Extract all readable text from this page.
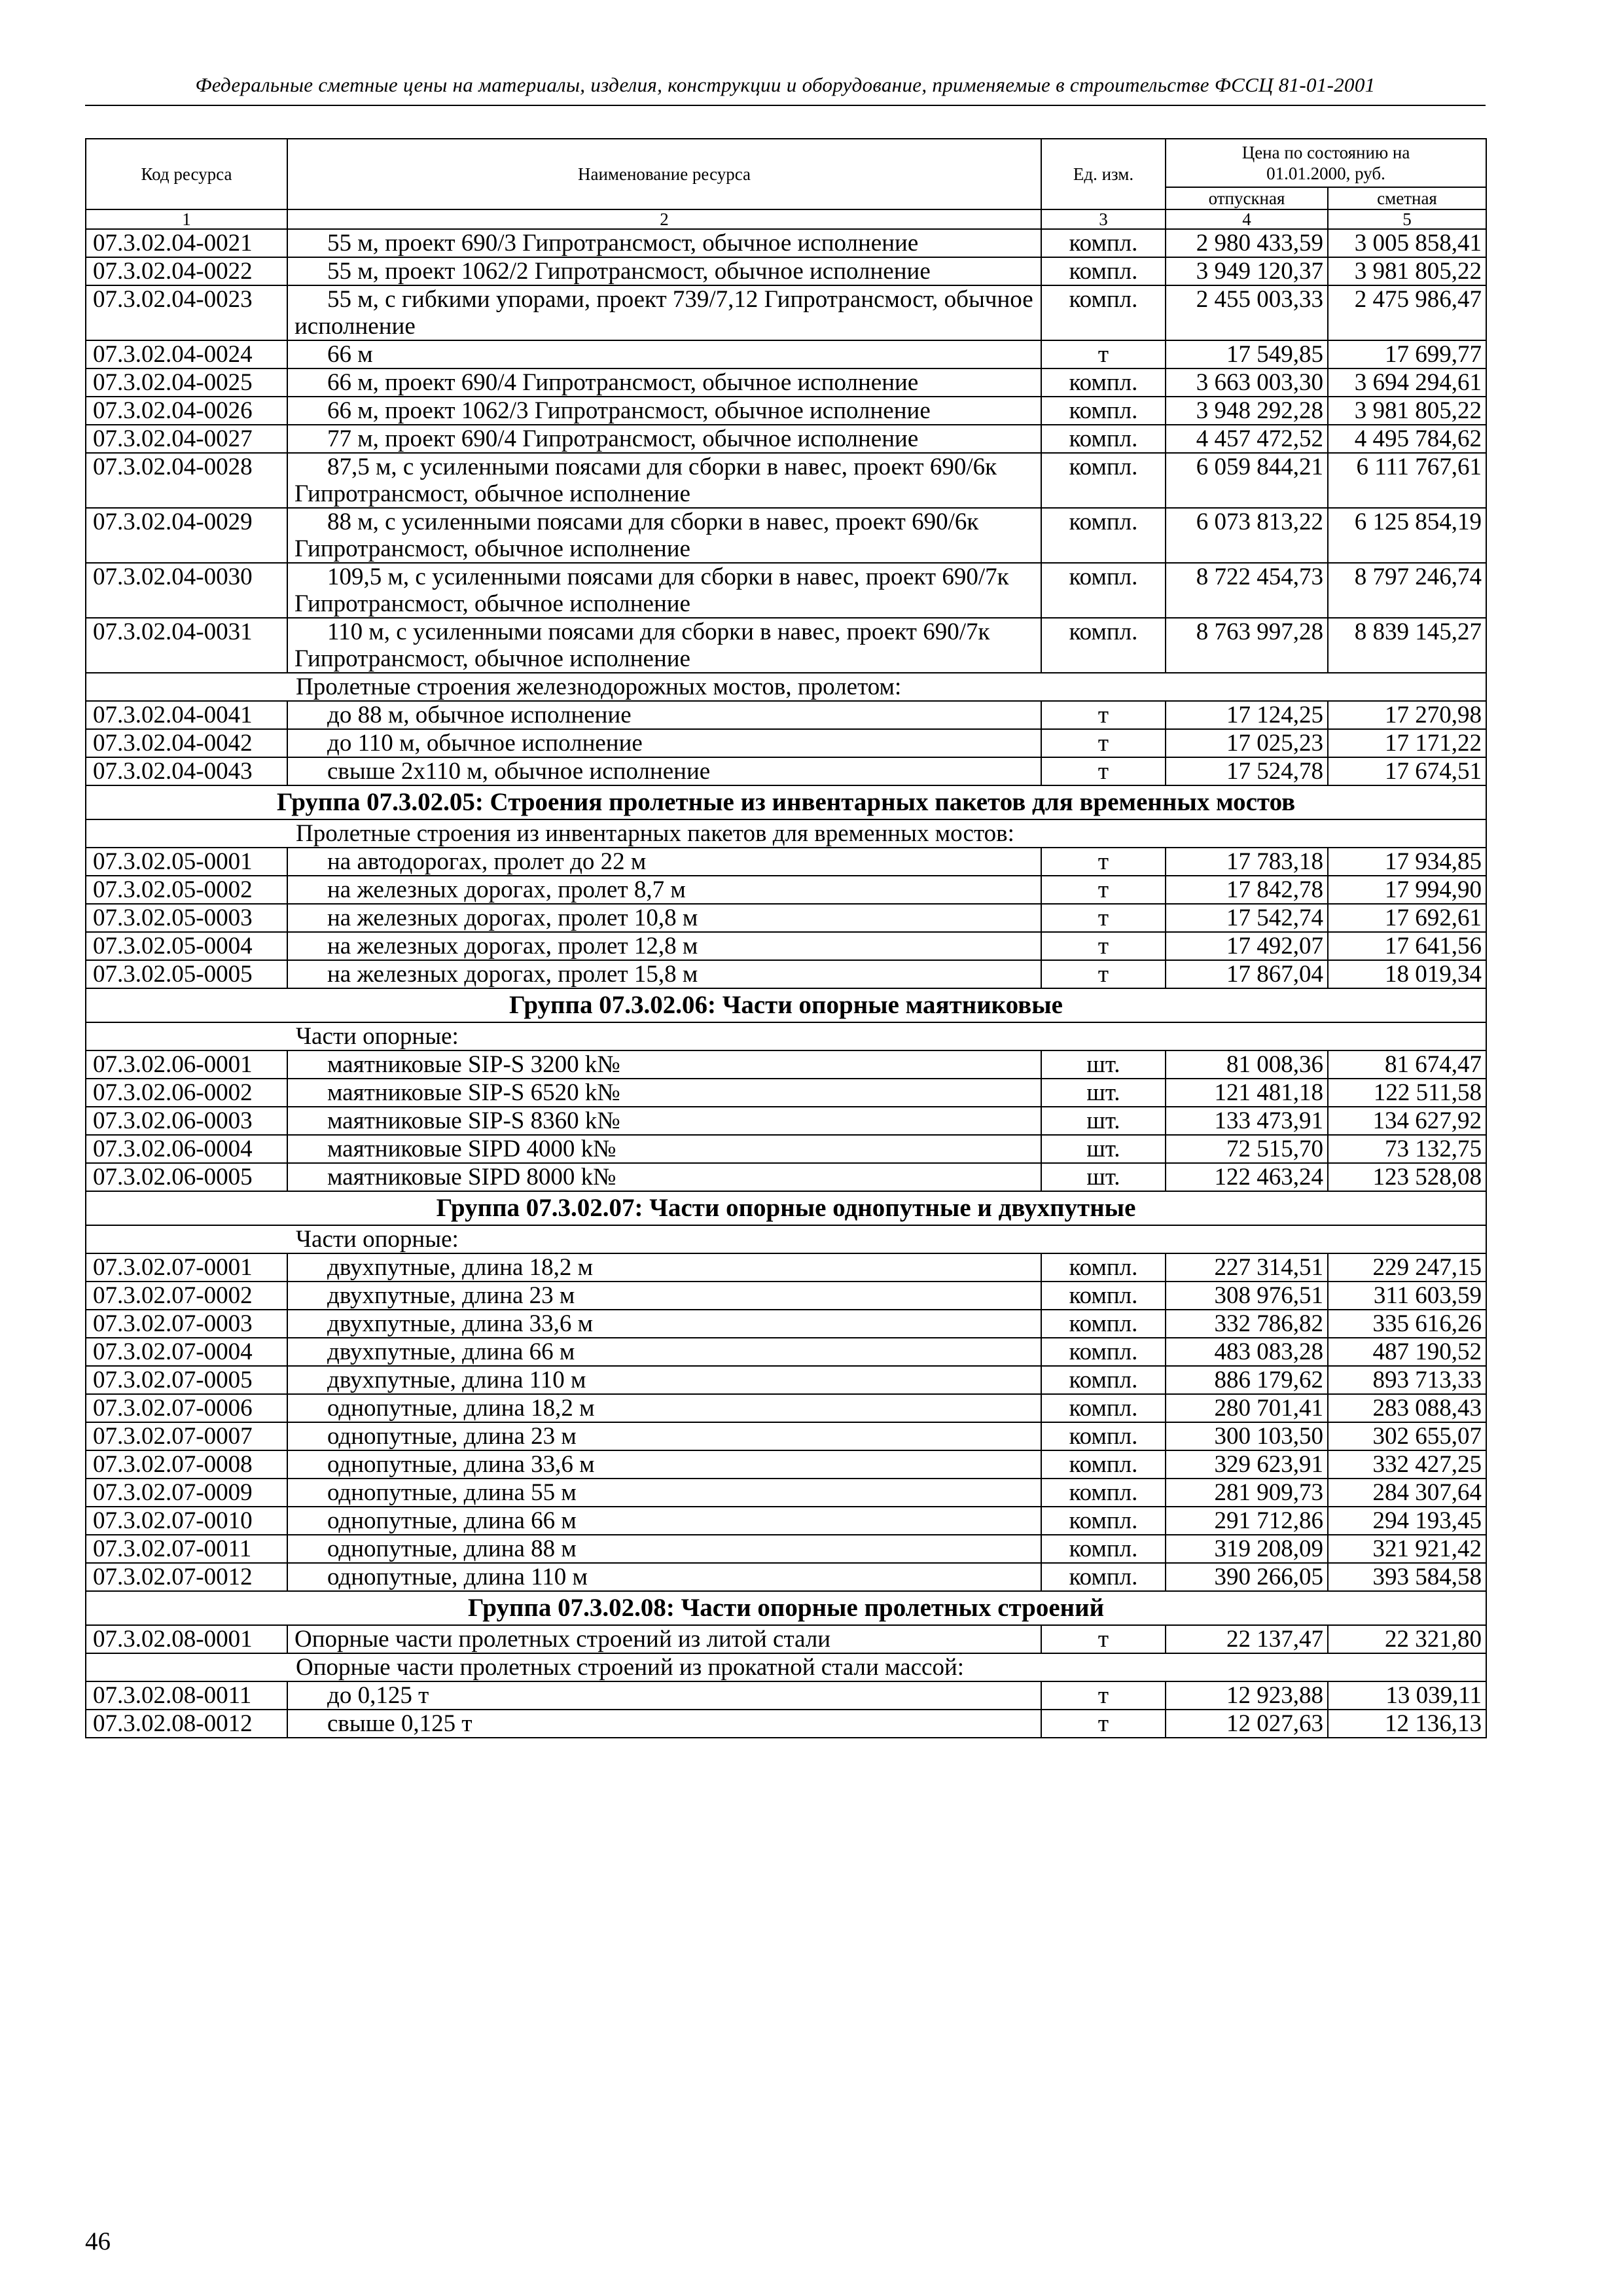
Федеральные сметные цены на материалы, изделия, конструкции и оборудование, применяемые в строительстве ФССЦ 81-01-2001
Код ресурса	Наименование ресурса	Ед. изм.	Цена по состоянию на 01.01.2000, руб.	
			отпускная	сметная
1	2	3	4	5
07.3.02.04-0021	55 м, проект 690/3 Гипротрансмост, обычное исполнение	компл.	2 980 433,59	3 005 858,41
07.3.02.04-0022	55 м, проект 1062/2 Гипротрансмост, обычное исполнение	компл.	3 949 120,37	3 981 805,22
07.3.02.04-0023	55 м, с гибкими упорами, проект 739/7,12 Гипротрансмост, обычное исполнение	компл.	2 455 003,33	2 475 986,47
07.3.02.04-0024	66 м	т	17 549,85	17 699,77
07.3.02.04-0025	66 м, проект 690/4 Гипротрансмост, обычное исполнение	компл.	3 663 003,30	3 694 294,61
07.3.02.04-0026	66 м, проект 1062/3 Гипротрансмост, обычное исполнение	компл.	3 948 292,28	3 981 805,22
07.3.02.04-0027	77 м, проект 690/4 Гипротрансмост, обычное исполнение	компл.	4 457 472,52	4 495 784,62
07.3.02.04-0028	87,5 м, с усиленными поясами для сборки в навес, проект 690/6к Гипротрансмост, обычное исполнение	компл.	6 059 844,21	6 111 767,61
07.3.02.04-0029	88 м, с усиленными поясами для сборки в навес, проект 690/6к Гипротрансмост, обычное исполнение	компл.	6 073 813,22	6 125 854,19
07.3.02.04-0030	109,5 м, с усиленными поясами для сборки в навес, проект 690/7к Гипротрансмост, обычное исполнение	компл.	8 722 454,73	8 797 246,74
07.3.02.04-0031	110 м, с усиленными поясами для сборки в навес, проект 690/7к Гипротрансмост, обычное исполнение	компл.	8 763 997,28	8 839 145,27
Пролетные строения железнодорожных мостов, пролетом:				
07.3.02.04-0041	до 88 м, обычное исполнение	т	17 124,25	17 270,98
07.3.02.04-0042	до 110 м, обычное исполнение	т	17 025,23	17 171,22
07.3.02.04-0043	свыше 2х110 м, обычное исполнение	т	17 524,78	17 674,51
Группа 07.3.02.05: Строения пролетные из инвентарных пакетов для временных мостов				
Пролетные строения из инвентарных пакетов для временных мостов:				
07.3.02.05-0001	на автодорогах, пролет до 22 м	т	17 783,18	17 934,85
07.3.02.05-0002	на железных дорогах, пролет 8,7 м	т	17 842,78	17 994,90
07.3.02.05-0003	на железных дорогах, пролет 10,8 м	т	17 542,74	17 692,61
07.3.02.05-0004	на железных дорогах, пролет 12,8 м	т	17 492,07	17 641,56
07.3.02.05-0005	на железных дорогах, пролет 15,8 м	т	17 867,04	18 019,34
Группа 07.3.02.06: Части опорные маятниковые				
Части опорные:				
07.3.02.06-0001	маятниковые SIP-S 3200 k№	шт.	81 008,36	81 674,47
07.3.02.06-0002	маятниковые SIP-S 6520 k№	шт.	121 481,18	122 511,58
07.3.02.06-0003	маятниковые SIP-S 8360 k№	шт.	133 473,91	134 627,92
07.3.02.06-0004	маятниковые SIPD 4000 k№	шт.	72 515,70	73 132,75
07.3.02.06-0005	маятниковые SIPD 8000 k№	шт.	122 463,24	123 528,08
Группа 07.3.02.07: Части опорные однопутные и двухпутные				
Части опорные:				
07.3.02.07-0001	двухпутные, длина 18,2 м	компл.	227 314,51	229 247,15
07.3.02.07-0002	двухпутные, длина 23 м	компл.	308 976,51	311 603,59
07.3.02.07-0003	двухпутные, длина 33,6 м	компл.	332 786,82	335 616,26
07.3.02.07-0004	двухпутные, длина 66 м	компл.	483 083,28	487 190,52
07.3.02.07-0005	двухпутные, длина 110 м	компл.	886 179,62	893 713,33
07.3.02.07-0006	однопутные, длина 18,2 м	компл.	280 701,41	283 088,43
07.3.02.07-0007	однопутные, длина 23 м	компл.	300 103,50	302 655,07
07.3.02.07-0008	однопутные, длина 33,6 м	компл.	329 623,91	332 427,25
07.3.02.07-0009	однопутные, длина 55 м	компл.	281 909,73	284 307,64
07.3.02.07-0010	однопутные, длина 66 м	компл.	291 712,86	294 193,45
07.3.02.07-0011	однопутные, длина 88 м	компл.	319 208,09	321 921,42
07.3.02.07-0012	однопутные, длина 110 м	компл.	390 266,05	393 584,58
Группа 07.3.02.08: Части опорные пролетных строений				
07.3.02.08-0001	Опорные части пролетных строений из литой стали	т	22 137,47	22 321,80
Опорные части пролетных строений из прокатной стали массой:				
07.3.02.08-0011	до 0,125 т	т	12 923,88	13 039,11
07.3.02.08-0012	свыше 0,125 т	т	12 027,63	12 136,13
46
